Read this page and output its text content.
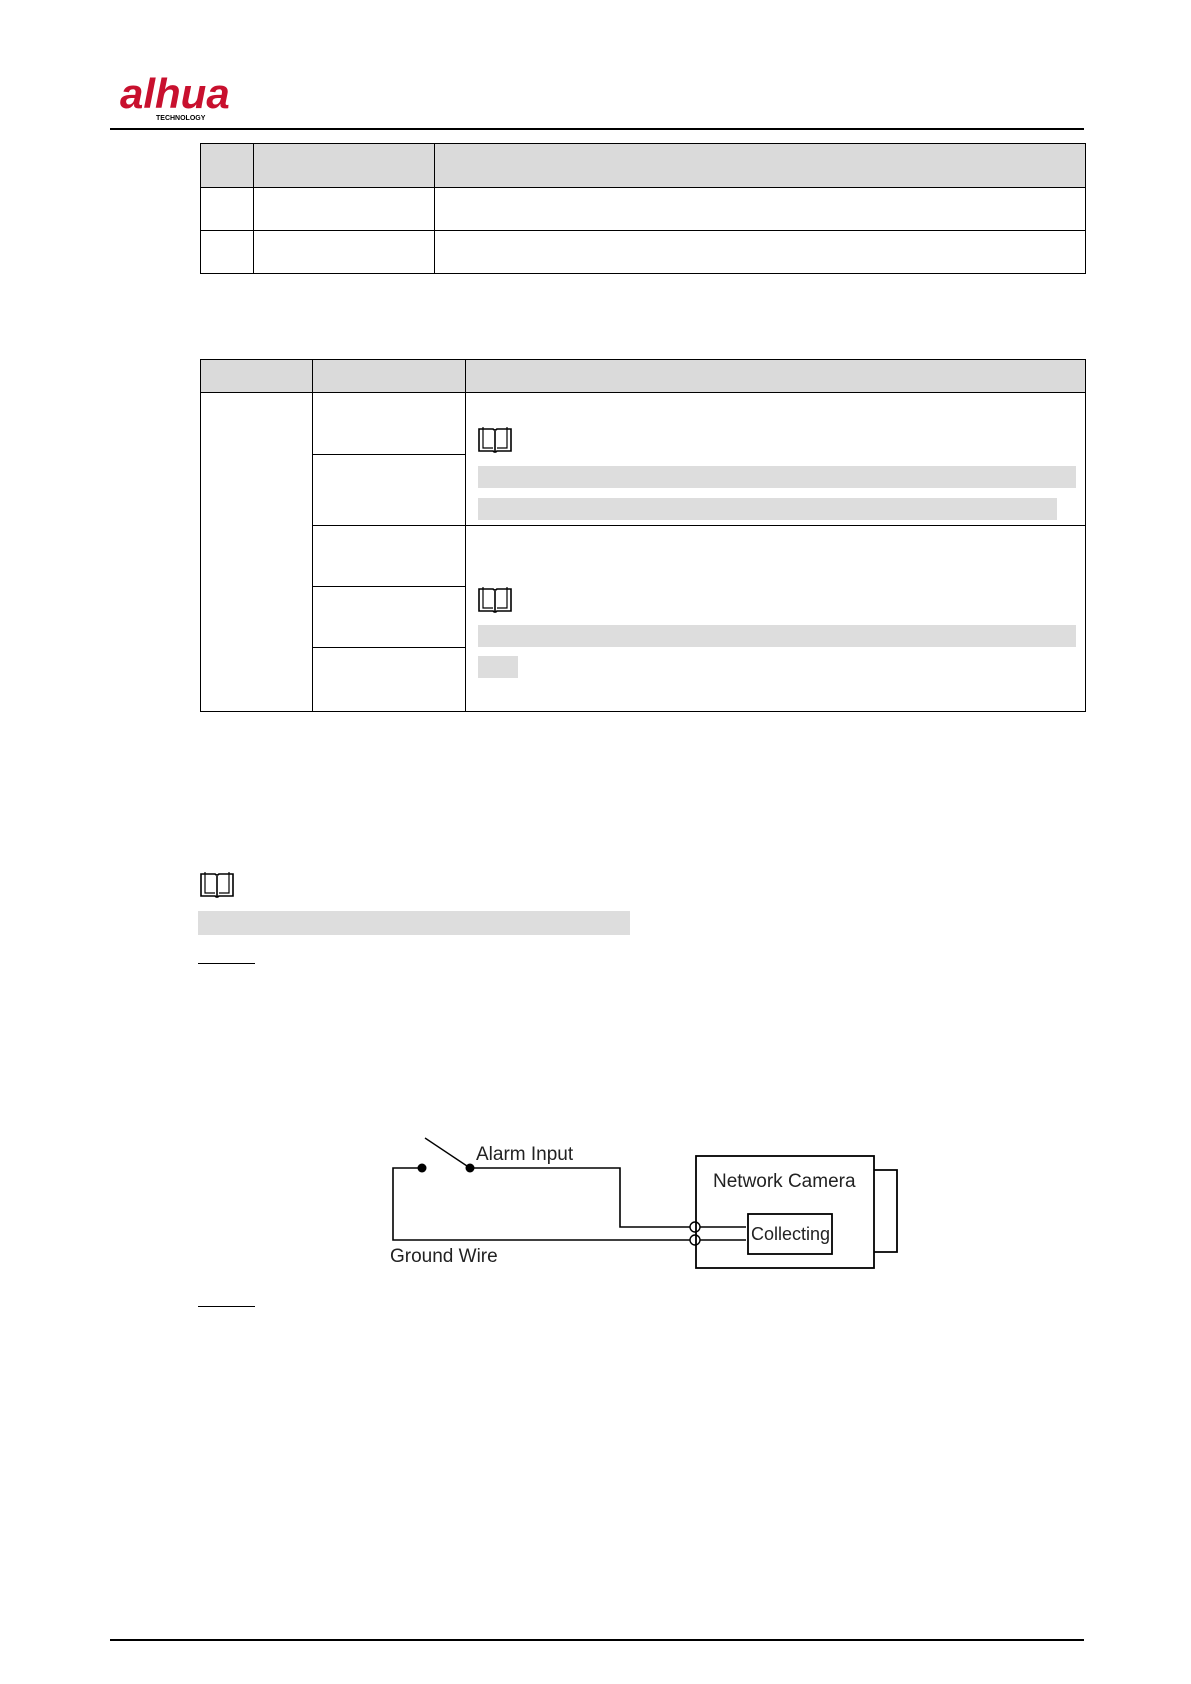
alhua
TECHNOLOGY
Alarm Input
Network Camera
Collecting
Ground Wire
